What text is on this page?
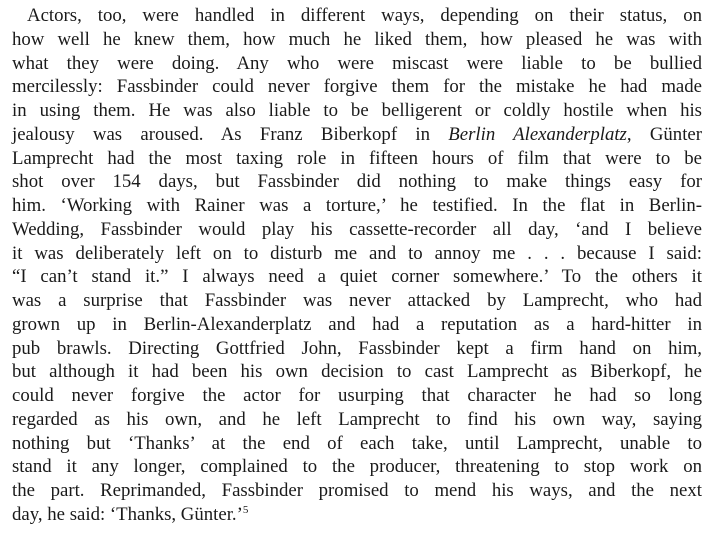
Actors, too, were handled in different ways, depending on their status, on
how well he knew them, how much he liked them, how pleased he was with
what they were doing. Any who were miscast were liable to be bullied
mercilessly: Fassbinder could never forgive them for the mistake he had made
in using them. He was also liable to be belligerent or coldly hostile when his
jealousy was aroused. As Franz Biberkopf in Berlin Alexanderplatz, Günter
Lamprecht had the most taxing role in fifteen hours of film that were to be
shot over 154 days, but Fassbinder did nothing to make things easy for
him. ‘Working with Rainer was a torture,’ he testified. In the flat in Berlin-
Wedding, Fassbinder would play his cassette-recorder all day, ‘and I believe
it was deliberately left on to disturb me and to annoy me . . . because I said:
“I can’t stand it.” I always need a quiet corner somewhere.’ To the others it
was a surprise that Fassbinder was never attacked by Lamprecht, who had
grown up in Berlin-Alexanderplatz and had a reputation as a hard-hitter in
pub brawls. Directing Gottfried John, Fassbinder kept a firm hand on him,
but although it had been his own decision to cast Lamprecht as Biberkopf, he
could never forgive the actor for usurping that character he had so long
regarded as his own, and he left Lamprecht to find his own way, saying
nothing but ‘Thanks’ at the end of each take, until Lamprecht, unable to
stand it any longer, complained to the producer, threatening to stop work on
the part. Reprimanded, Fassbinder promised to mend his ways, and the next
day, he said: ‘Thanks, Günter.’$^5$
